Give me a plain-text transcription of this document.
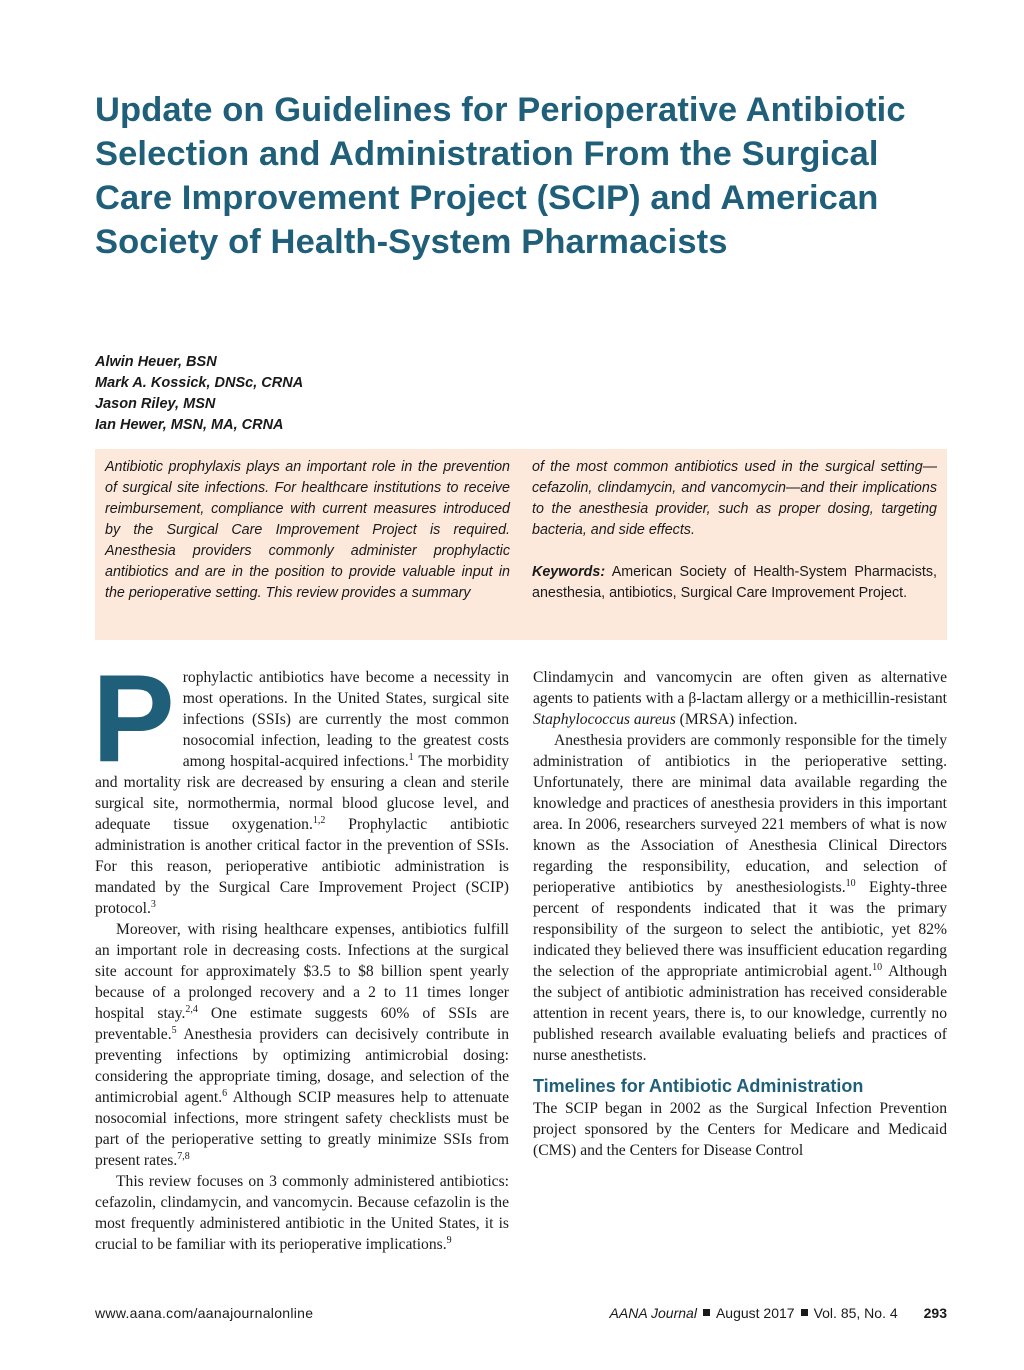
Update on Guidelines for Perioperative Antibiotic Selection and Administration From the Surgical Care Improvement Project (SCIP) and American Society of Health-System Pharmacists
Alwin Heuer, BSN
Mark A. Kossick, DNSc, CRNA
Jason Riley, MSN
Ian Hewer, MSN, MA, CRNA

Antibiotic prophylaxis plays an important role in the prevention of surgical site infections. For healthcare institutions to receive reimbursement, compliance with current measures introduced by the Surgical Care Improvement Project is required. Anesthesia providers commonly administer prophylactic antibiotics and are in the position to provide valuable input in the perioperative setting. This review provides a summary

of the most common antibiotics used in the surgical setting—cefazolin, clindamycin, and vancomycin—and their implications to the anesthesia provider, such as proper dosing, targeting bacteria, and side effects.

Keywords: American Society of Health-System Pharmacists, anesthesia, antibiotics, Surgical Care Improvement Project.

Prophylactic antibiotics have become a necessity in most operations. In the United States, surgical site infections (SSIs) are currently the most common nosocomial infection, leading to the greatest costs among hospital-acquired infections.$^1$ The morbidity and mortality risk are decreased by ensuring a clean and sterile surgical site, normothermia, normal blood glucose level, and adequate tissue oxygenation.$^{1,2}$ Prophylactic antibiotic administration is another critical factor in the prevention of SSIs. For this reason, perioperative antibiotic administration is mandated by the Surgical Care Improvement Project (SCIP) protocol.$^3$

Moreover, with rising healthcare expenses, antibiotics fulfill an important role in decreasing costs. Infections at the surgical site account for approximately $3.5 to $8 billion spent yearly because of a prolonged recovery and a 2 to 11 times longer hospital stay.$^{2,4}$ One estimate suggests 60% of SSIs are preventable.$^5$ Anesthesia providers can decisively contribute in preventing infections by optimizing antimicrobial dosing: considering the appropriate timing, dosage, and selection of the antimicrobial agent.$^6$ Although SCIP measures help to attenuate nosocomial infections, more stringent safety checklists must be part of the perioperative setting to greatly minimize SSIs from present rates.$^{7,8}$

This review focuses on 3 commonly administered antibiotics: cefazolin, clindamycin, and vancomycin. Because cefazolin is the most frequently administered antibiotic in the United States, it is crucial to be familiar with its perioperative implications.$^9$

Clindamycin and vancomycin are often given as alternative agents to patients with a β-lactam allergy or a methicillin-resistant Staphylococcus aureus (MRSA) infection.

Anesthesia providers are commonly responsible for the timely administration of antibiotics in the perioperative setting. Unfortunately, there are minimal data available regarding the knowledge and practices of anesthesia providers in this important area. In 2006, researchers surveyed 221 members of what is now known as the Association of Anesthesia Clinical Directors regarding the responsibility, education, and selection of perioperative antibiotics by anesthesiologists.$^{10}$ Eighty-three percent of respondents indicated that it was the primary responsibility of the surgeon to select the antibiotic, yet 82% indicated they believed there was insufficient education regarding the selection of the appropriate antimicrobial agent.$^{10}$ Although the subject of antibiotic administration has received considerable attention in recent years, there is, to our knowledge, currently no published research available evaluating beliefs and practices of nurse anesthetists.

Timelines for Antibiotic Administration

The SCIP began in 2002 as the Surgical Infection Prevention project sponsored by the Centers for Medicare and Medicaid (CMS) and the Centers for Disease Control

www.aana.com/aanajournalonline	AANA Journal August 2017 Vol. 85, No. 4 293
